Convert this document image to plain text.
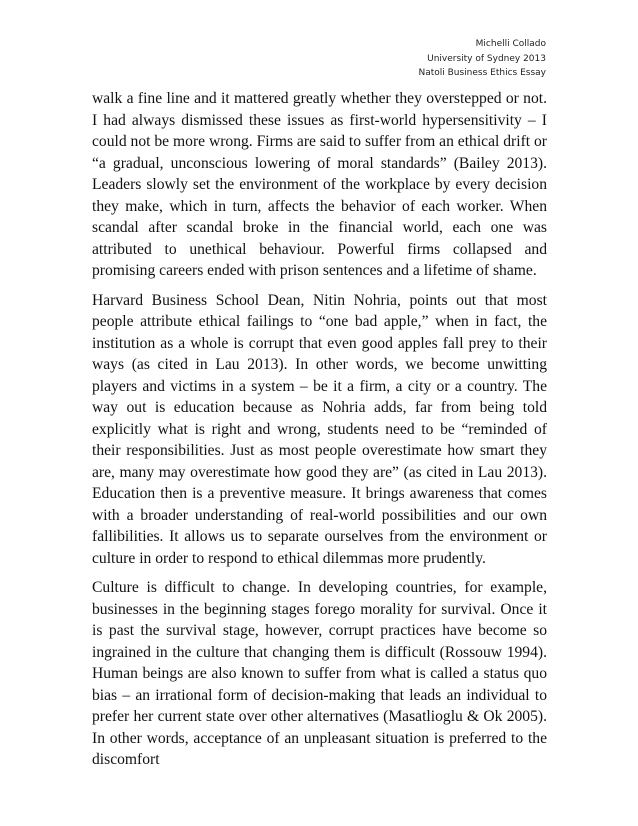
Michelli Collado
University of Sydney 2013
Natoli Business Ethics Essay

walk a fine line and it mattered greatly whether they overstepped or not. I had always dismissed these issues as first-world hypersensitivity – I could not be more wrong. Firms are said to suffer from an ethical drift or “a gradual, unconscious lowering of moral standards” (Bailey 2013). Leaders slowly set the environment of the workplace by every decision they make, which in turn, affects the behavior of each worker. When scandal after scandal broke in the financial world, each one was attributed to unethical behaviour. Powerful firms collapsed and promising careers ended with prison sentences and a lifetime of shame.

Harvard Business School Dean, Nitin Nohria, points out that most people attribute ethical failings to “one bad apple,” when in fact, the institution as a whole is corrupt that even good apples fall prey to their ways (as cited in Lau 2013). In other words, we become unwitting players and victims in a system – be it a firm, a city or a country. The way out is education because as Nohria adds, far from being told explicitly what is right and wrong, students need to be “reminded of their responsibilities. Just as most people overestimate how smart they are, many may overestimate how good they are” (as cited in Lau 2013). Education then is a preventive measure. It brings awareness that comes with a broader understanding of real-world possibilities and our own fallibilities. It allows us to separate ourselves from the environment or culture in order to respond to ethical dilemmas more prudently.

Culture is difficult to change. In developing countries, for example, businesses in the beginning stages forego morality for survival. Once it is past the survival stage, however, corrupt practices have become so ingrained in the culture that changing them is difficult (Rossouw 1994). Human beings are also known to suffer from what is called a status quo bias – an irrational form of decision-making that leads an individual to prefer her current state over other alternatives (Masatlioglu & Ok 2005). In other words, acceptance of an unpleasant situation is preferred to the discomfort
